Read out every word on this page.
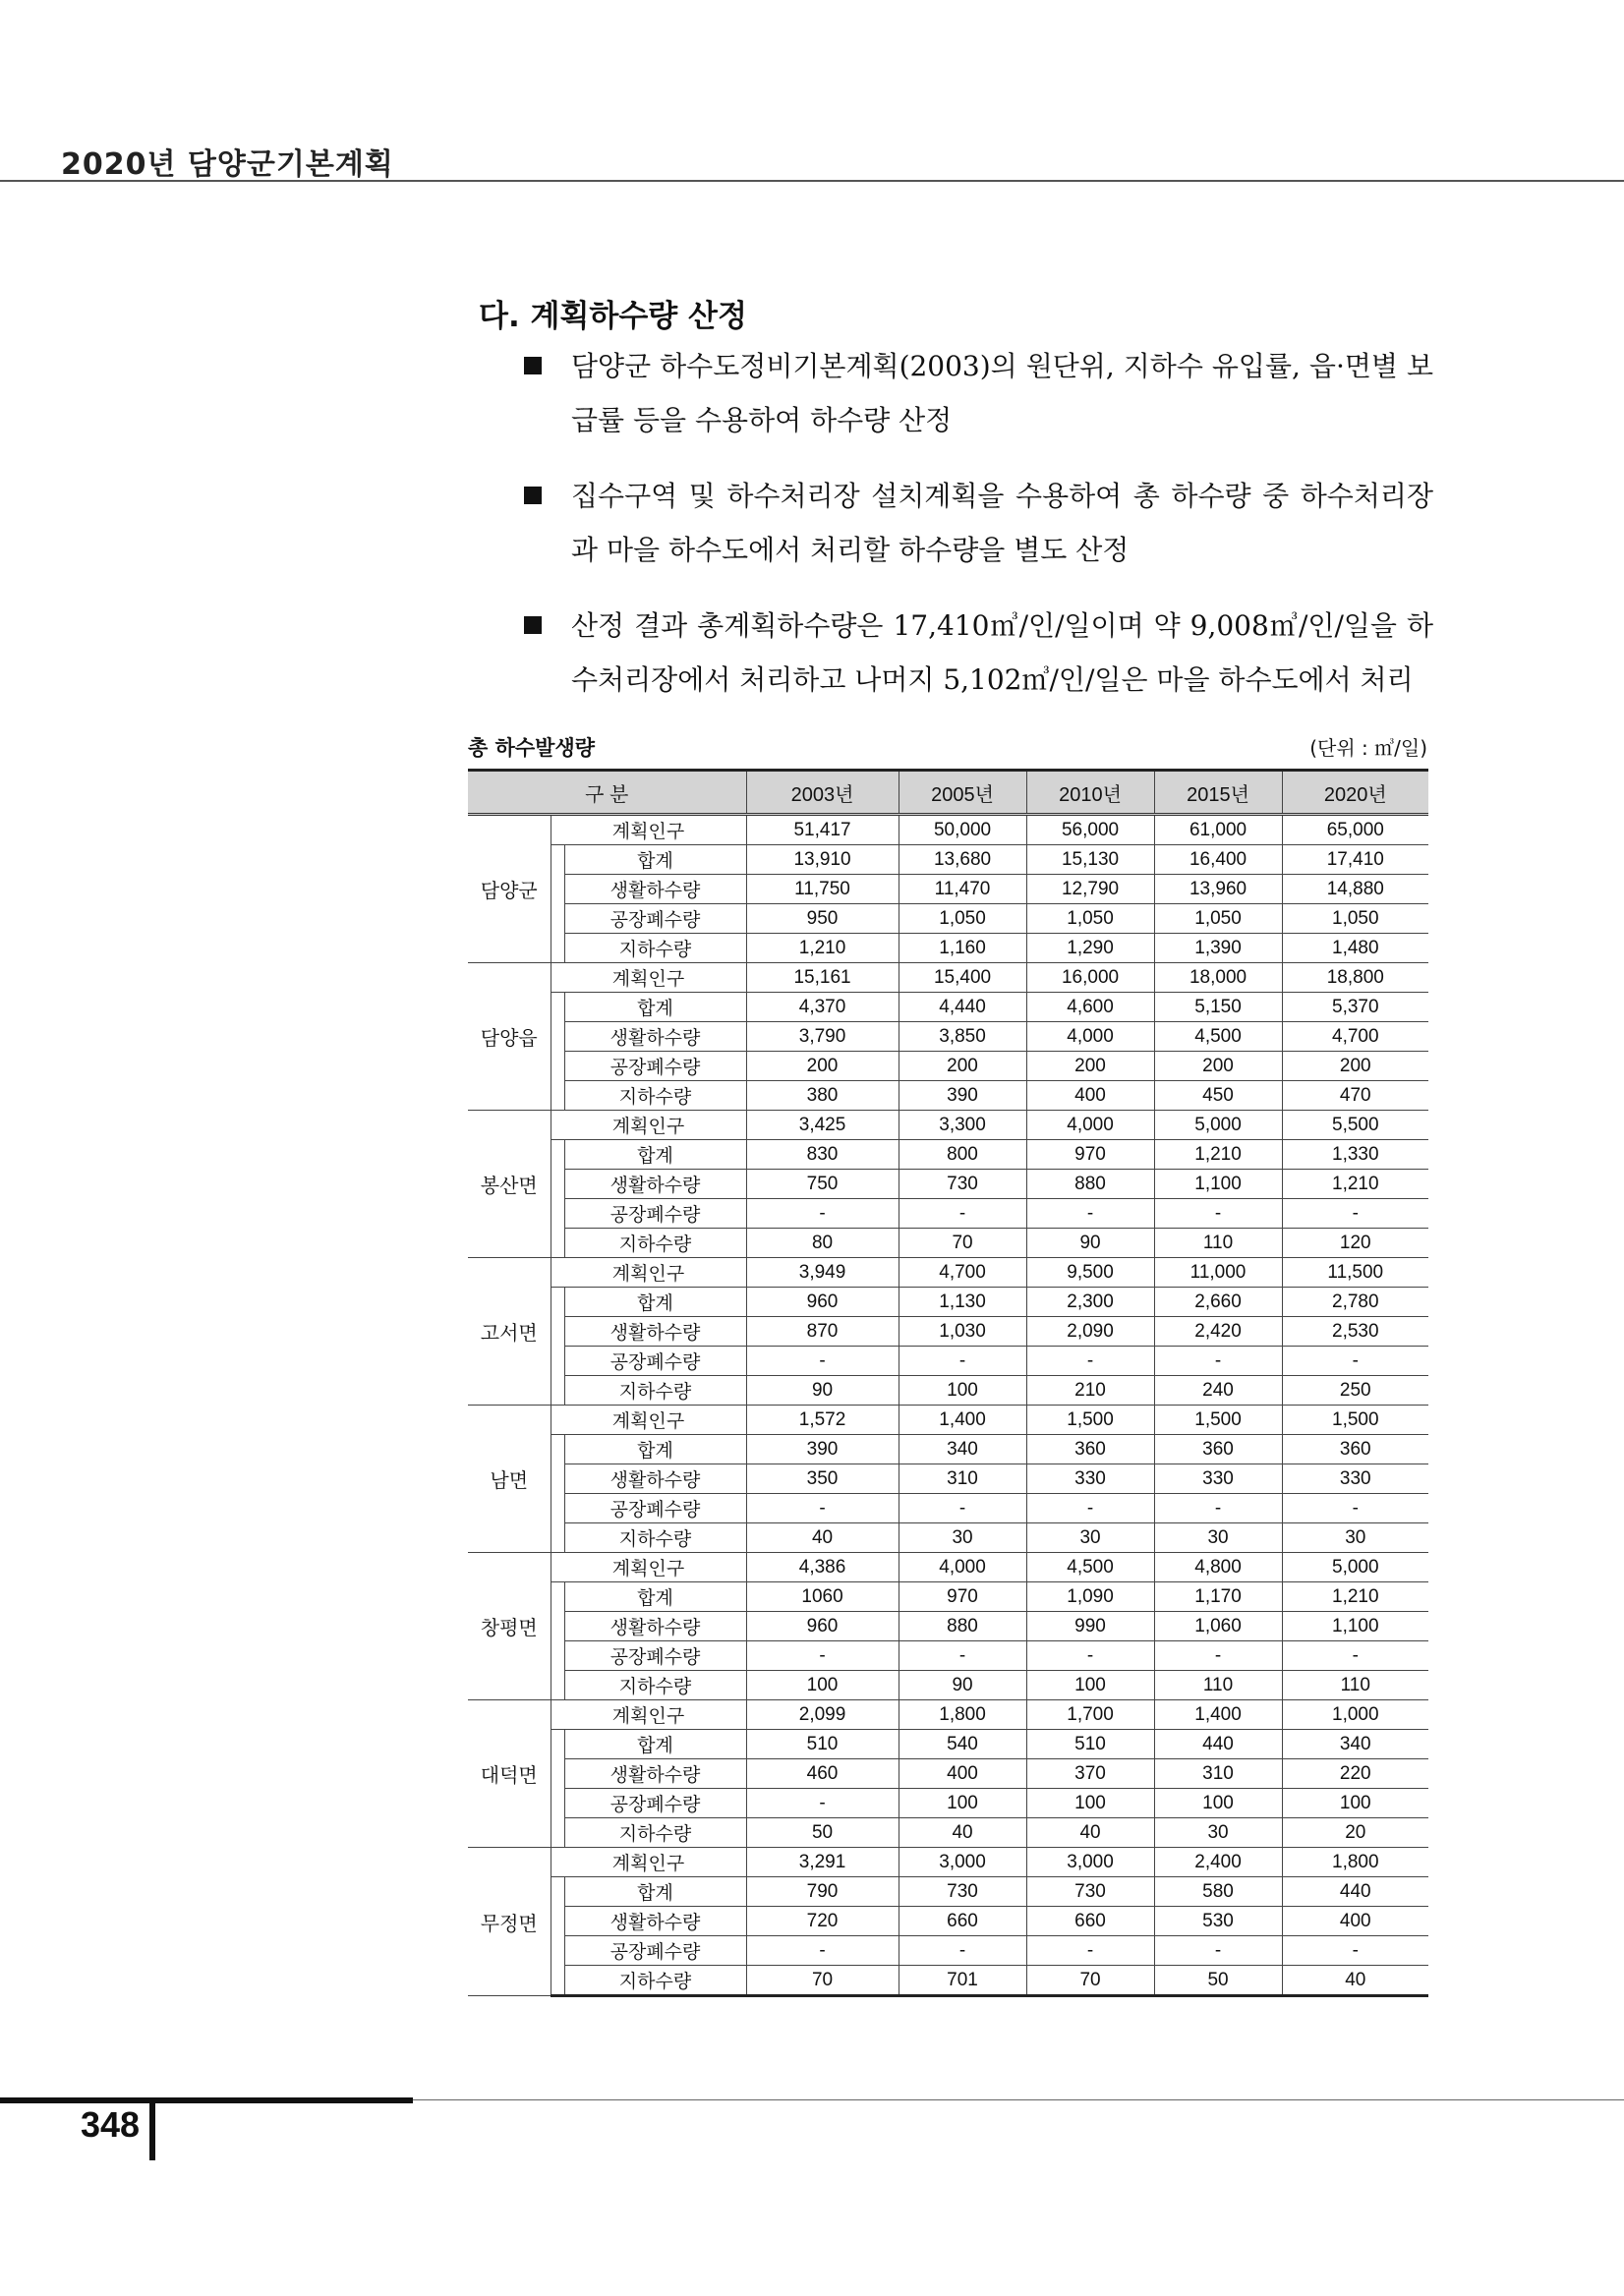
2020년 담양군기본계획
다. 계획하수량 산정
담양군 하수도정비기본계획(2003)의 원단위, 지하수 유입률, 읍·면별 보급률 등을 수용하여 하수량 산정
집수구역 및 하수처리장 설치계획을 수용하여 총 하수량 중 하수처리장과 마을 하수도에서 처리할 하수량을 별도 산정
산정 결과 총계획하수량은 17,410㎥/인/일이며 약 9,008㎥/인/일을 하수처리장에서 처리하고 나머지 5,102㎥/인/일은 마을 하수도에서 처리
총 하수발생량	(단위 : ㎥/일)
구 분			2003년	2005년	2010년	2015년	2020년
담양군	계획인구		51,417	50,000	56,000	61,000	65,000
		합계	13,910	13,680	15,130	16,400	17,410
		생활하수량	11,750	11,470	12,790	13,960	14,880
		공장폐수량	950	1,050	1,050	1,050	1,050
		지하수량	1,210	1,160	1,290	1,390	1,480
담양읍	계획인구		15,161	15,400	16,000	18,000	18,800
		합계	4,370	4,440	4,600	5,150	5,370
		생활하수량	3,790	3,850	4,000	4,500	4,700
		공장폐수량	200	200	200	200	200
		지하수량	380	390	400	450	470
봉산면	계획인구		3,425	3,300	4,000	5,000	5,500
		합계	830	800	970	1,210	1,330
		생활하수량	750	730	880	1,100	1,210
		공장폐수량	-	-	-	-	-
		지하수량	80	70	90	110	120
고서면	계획인구		3,949	4,700	9,500	11,000	11,500
		합계	960	1,130	2,300	2,660	2,780
		생활하수량	870	1,030	2,090	2,420	2,530
		공장폐수량	-	-	-	-	-
		지하수량	90	100	210	240	250
남면	계획인구		1,572	1,400	1,500	1,500	1,500
		합계	390	340	360	360	360
		생활하수량	350	310	330	330	330
		공장폐수량	-	-	-	-	-
		지하수량	40	30	30	30	30
창평면	계획인구		4,386	4,000	4,500	4,800	5,000
		합계	1060	970	1,090	1,170	1,210
		생활하수량	960	880	990	1,060	1,100
		공장폐수량	-	-	-	-	-
		지하수량	100	90	100	110	110
대덕면	계획인구		2,099	1,800	1,700	1,400	1,000
		합계	510	540	510	440	340
		생활하수량	460	400	370	310	220
		공장폐수량	-	100	100	100	100
		지하수량	50	40	40	30	20
무정면	계획인구		3,291	3,000	3,000	2,400	1,800
		합계	790	730	730	580	440
		생활하수량	720	660	660	530	400
		공장폐수량	-	-	-	-	-
		지하수량	70	701	70	50	40
348
